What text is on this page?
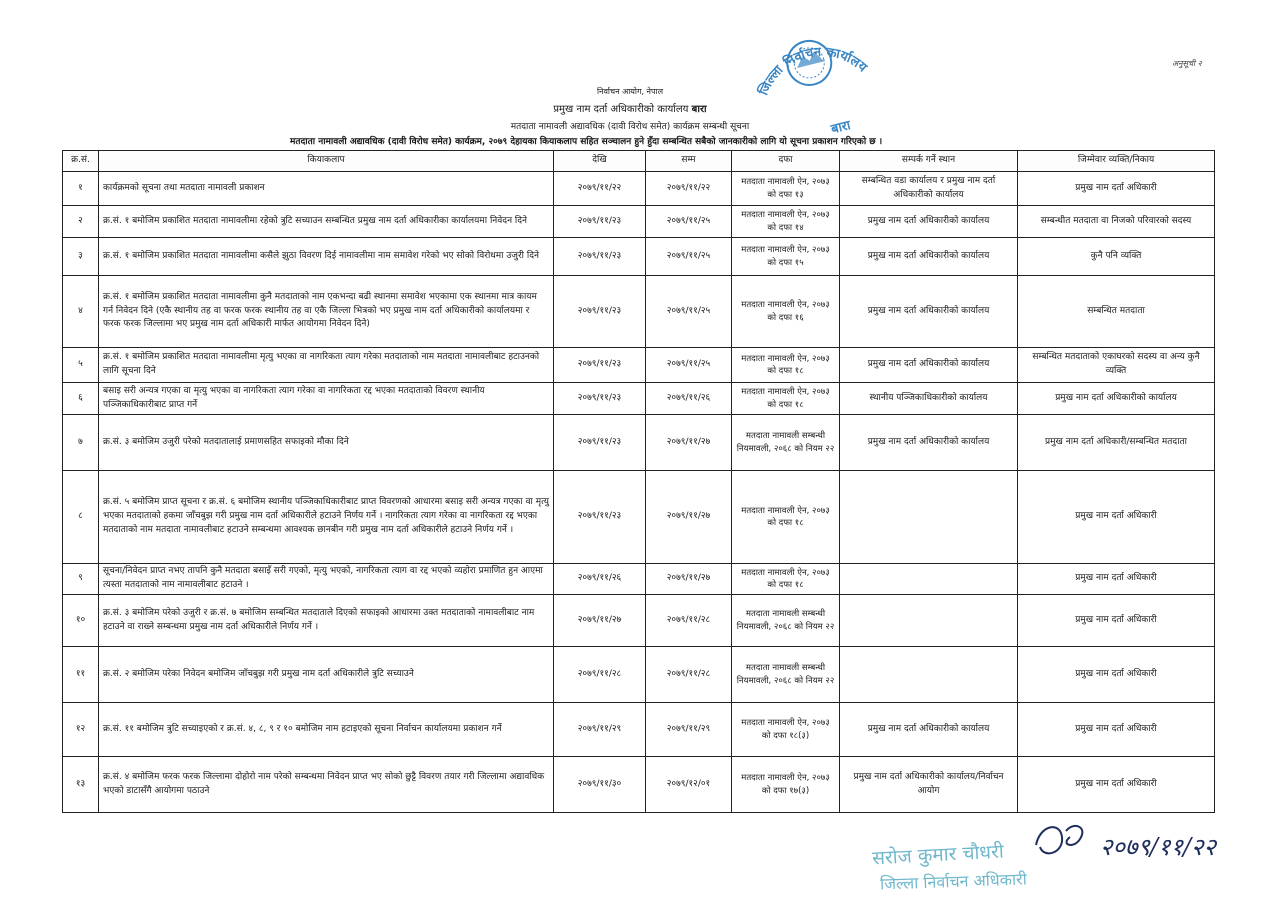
अनुसूची २
निर्वाचन आयोग, नेपाल
प्रमुख नाम दर्ता अधिकारीको कार्यालय बारा
मतदाता नामावली अद्यावधिक (दावी विरोध समेत) कार्यक्रम सम्बन्धी सूचना
मतदाता नामावली अद्यावधिक (दावी विरोध समेत) कार्यक्रम, २०७९ देहायका कियाकलाप सहित सञ्चालन हुने हुँदा सम्बन्धित सबैको जानकारीको लागि यो सूचना प्रकाशन गरिएको छ ।
क्र.सं.	कियाकलाप	देखि	सम्म	दफा	सम्पर्क गर्ने स्थान	जिम्मेवार व्यक्ति/निकाय
१	कार्यक्रमको सूचना तथा मतदाता नामावली प्रकाशन	२०७९/११/२२	२०७९/११/२२	मतदाता नामावली ऐन, २०७३ को दफा १३	सम्बन्धित वडा कार्यालय र प्रमुख नाम दर्ता अधिकारीको कार्यालय	प्रमुख नाम दर्ता अधिकारी
२	क्र.सं. १ बमोजिम प्रकाशित मतदाता नामावलीमा रहेको त्रुटि सच्याउन सम्बन्धित प्रमुख नाम दर्ता अधिकारीका कार्यालयमा निवेदन दिने	२०७९/११/२३	२०७९/११/२५	मतदाता नामावली ऐन, २०७३ को दफा १४	प्रमुख नाम दर्ता अधिकारीको कार्यालय	सम्बन्धीत मतदाता वा निजको परिवारको सदस्य
३	क्र.सं. १ बमोजिम प्रकाशित मतदाता नामावलीमा कसैले झुठा विवरण दिई नामावलीमा नाम समावेश गरेको भए सोको विरोधमा उजुरी दिने	२०७९/११/२३	२०७९/११/२५	मतदाता नामावली ऐन, २०७३ को दफा १५	प्रमुख नाम दर्ता अधिकारीको कार्यालय	कुनै पनि व्यक्ति
४	क्र.सं. १ बमोजिम प्रकाशित मतदाता नामावलीमा कुनै मतदाताको नाम एकभन्दा बढी स्थानमा समावेश भएकामा एक स्थानमा मात्र कायम गर्न निवेदन दिने (एकै स्थानीय तह वा फरक फरक स्थानीय तह वा एकै जिल्ला भित्रको भए प्रमुख नाम दर्ता अधिकारीको कार्यालयमा र फरक फरक जिल्लामा भए प्रमुख नाम दर्ता अधिकारी मार्फत आयोगमा निवेदन दिने)	२०७९/११/२३	२०७९/११/२५	मतदाता नामावली ऐन, २०७३ को दफा १६	प्रमुख नाम दर्ता अधिकारीको कार्यालय	सम्बन्धित मतदाता
५	क्र.सं. १ बमोजिम प्रकाशित मतदाता नामावलीमा मृत्यु भएका वा नागरिकता त्याग गरेका मतदाताको नाम मतदाता नामावलीबाट हटाउनको लागि सूचना दिने	२०७९/११/२३	२०७९/११/२५	मतदाता नामावली ऐन, २०७३ को दफा १८	प्रमुख नाम दर्ता अधिकारीको कार्यालय	सम्बन्धित मतदाताको एकाघरको सदस्य वा अन्य कुनै व्यक्ति
६	बसाइ सरी अन्यत्र गएका वा मृत्यु भएका वा नागरिकता त्याग गरेका वा नागरिकता रद्द भएका मतदाताको विवरण स्थानीय पञ्जिकाधिकारीबाट प्राप्त गर्ने	२०७९/११/२३	२०७९/११/२६	मतदाता नामावली ऐन, २०७३ को दफा १८	स्थानीय पञ्जिकाधिकारीको कार्यालय	प्रमुख नाम दर्ता अधिकारीको कार्यालय
७	क्र.सं. ३ बमोजिम उजुरी परेको मतदातालाई प्रमाणसहित सफाइको मौका दिने	२०७९/११/२३	२०७९/११/२७	मतदाता नामावली सम्बन्धी नियमावली, २०६८ को नियम २२	प्रमुख नाम दर्ता अधिकारीको कार्यालय	प्रमुख नाम दर्ता अधिकारी/सम्बन्धित मतदाता
८	क्र.सं. ५ बमोजिम प्राप्त सूचना र क्र.सं. ६ बमोजिम स्थानीय पञ्जिकाधिकारीबाट प्राप्त विवरणको आधारमा बसाइ सरी अन्यत्र गएका वा मृत्यु भएका मतदाताको हकमा जाँचबुझ गरी प्रमुख नाम दर्ता अधिकारीले हटाउने निर्णय गर्ने । नागरिकता त्याग गरेका वा नागरिकता रद्द भएका मतदाताको नाम मतदाता नामावलीबाट हटाउने सम्बन्धमा आवश्यक छानबीन गरी प्रमुख नाम दर्ता अधिकारीले हटाउने निर्णय गर्ने ।	२०७९/११/२३	२०७९/११/२७	मतदाता नामावली ऐन, २०७३ को दफा १८		प्रमुख नाम दर्ता अधिकारी
९	सूचना/निवेदन प्राप्त नभए तापनि कुनै मतदाता बसाइँ सरी गएको, मृत्यु भएको, नागरिकता त्याग वा रद्द भएको व्यहोरा प्रमाणित हुन आएमा त्यस्ता मतदाताको नाम नामावलीबाट हटाउने ।	२०७९/११/२६	२०७९/११/२७	मतदाता नामावली ऐन, २०७३ को दफा १८		प्रमुख नाम दर्ता अधिकारी
१०	क्र.सं. ३ बमोजिम परेको उजुरी र क्र.सं. ७ बमोजिम सम्बन्धित मतदाताले दिएको सफाइको आधारमा उक्त मतदाताको नामावलीबाट नाम हटाउने वा राख्ने सम्बन्धमा प्रमुख नाम दर्ता अधिकारीले निर्णय गर्ने ।	२०७९/११/२७	२०७९/११/२८	मतदाता नामावली सम्बन्धी नियमावली, २०६८ को नियम २२		प्रमुख नाम दर्ता अधिकारी
११	क्र.सं. २ बमोजिम परेका निवेदन बमोजिम जाँचबुझ गरी प्रमुख नाम दर्ता अधिकारीले त्रुटि सच्याउने	२०७९/११/२८	२०७९/११/२८	मतदाता नामावली सम्बन्धी नियमावली, २०६८ को नियम २२		प्रमुख नाम दर्ता अधिकारी
१२	क्र.सं. ११ बमोजिम त्रुटि सच्याइएको र क्र.सं. ४, ८, ९ र १० बमोजिम नाम हटाइएको सूचना निर्वाचन कार्यालयमा प्रकाशन गर्ने	२०७९/११/२९	२०७९/११/२९	मतदाता नामावली ऐन, २०७३ को दफा १८(३)	प्रमुख नाम दर्ता अधिकारीको कार्यालय	प्रमुख नाम दर्ता अधिकारी
१३	क्र.सं. ४ बमोजिम फरक फरक जिल्लामा दोहोरो नाम परेको सम्बन्धमा निवेदन प्राप्त भए सोको छुट्टै विवरण तयार गरी जिल्लामा अद्यावधिक भएको डाटासँगै आयोगमा पठाउने	२०७९/११/३०	२०७९/१२/०१	मतदाता नामावली ऐन, २०७३ को दफा १७(३)	प्रमुख नाम दर्ता अधिकारीको कार्यालय/निर्वाचन आयोग	प्रमुख नाम दर्ता अधिकारी
जिल्ला निर्वाचन कार्यालय
बारा
२०७९/११/२२
सरोज कुमार चौधरी
जिल्ला निर्वाचन अधिकारी
